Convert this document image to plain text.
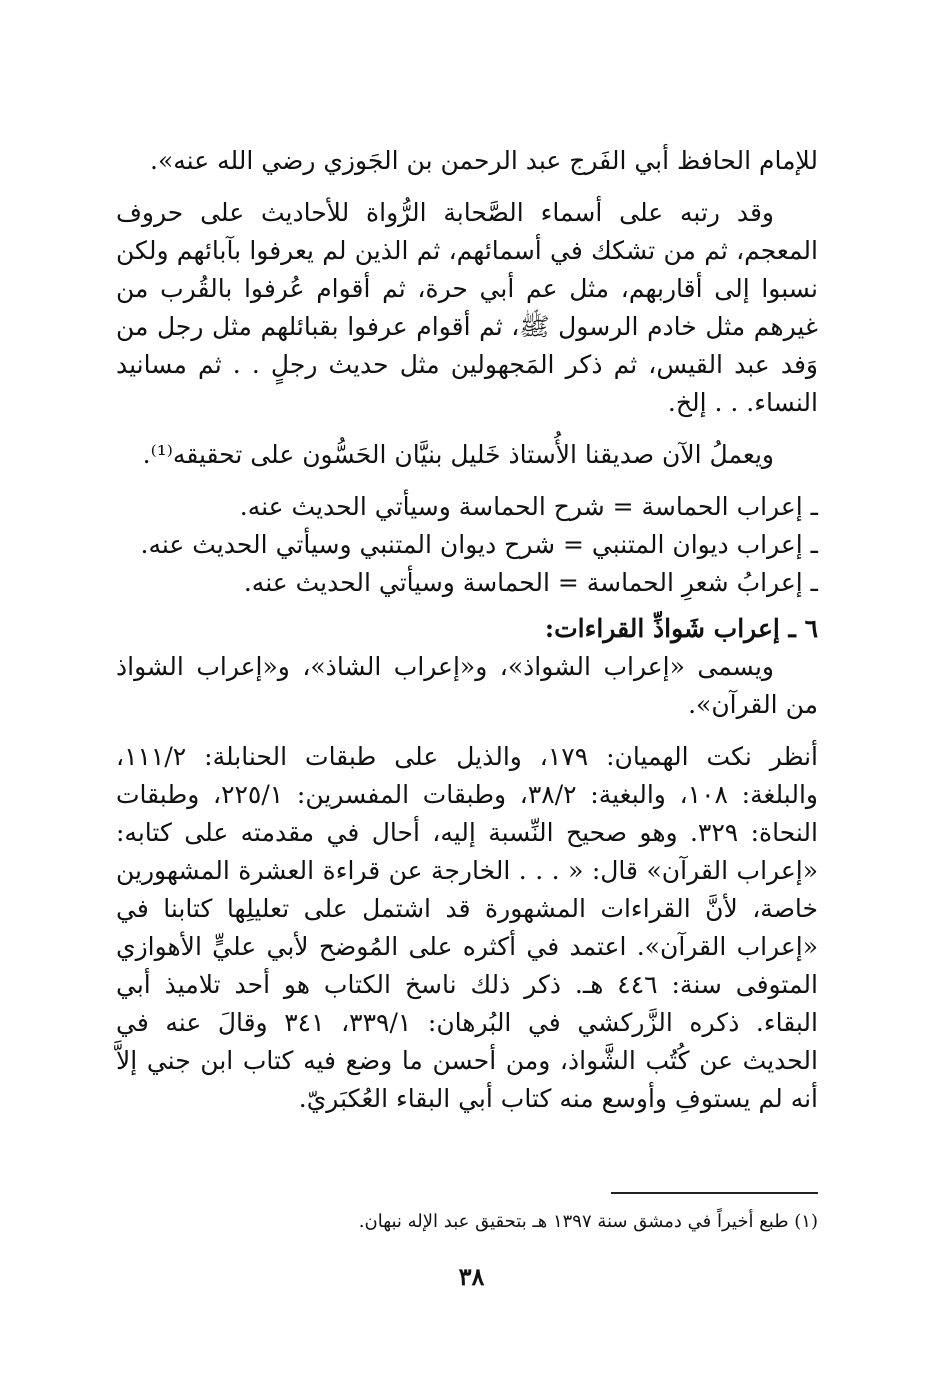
للإمام الحافظ أبي الفَرج عبد الرحمن بن الجَوزي رضي الله عنه».

وقد رتبه على أسماء الصَّحابة الرُّواة للأحاديث على حروف المعجم، ثم من تشكك في أسمائهم، ثم الذين لم يعرفوا بآبائهم ولكن نسبوا إلى أقاربهم، مثل عم أبي حرة، ثم أقوام عُرفوا بالقُرب من غيرهم مثل خادم الرسول ﷺ، ثم أقوام عرفوا بقبائلهم مثل رجل من وَفد عبد القيس، ثم ذكر المَجهولين مثل حديث رجلٍ . . ثم مسانيد النساء. . . إلخ.

ويعملُ الآن صديقنا الأُستاذ خَليل بنيَّان الحَسُّون على تحقيقه⁽¹⁾.

ـ إعراب الحماسة = شرح الحماسة وسيأتي الحديث عنه.

ـ إعراب ديوان المتنبي = شرح ديوان المتنبي وسيأتي الحديث عنه.

ـ إعرابُ شعرِ الحماسة = الحماسة وسيأتي الحديث عنه.

٦ ـ إعراب شَواذِّ القراءات:

ويسمى «إعراب الشواذ»، و«إعراب الشاذ»، و«إعراب الشواذ من القرآن».

أنظر نكت الهميان: ١٧٩، والذيل على طبقات الحنابلة: ١١١/٢، والبلغة: ١٠٨، والبغية: ٣٨/٢، وطبقات المفسرين: ٢٢٥/١، وطبقات النحاة: ٣٢٩. وهو صحيح النِّسبة إليه، أحال في مقدمته على كتابه: «إعراب القرآن» قال: « . . . الخارجة عن قراءة العشرة المشهورين خاصة، لأنَّ القراءات المشهورة قد اشتمل على تعليلِها كتابنا في «إعراب القرآن». اعتمد في أكثره على المُوضح لأبي عليٍّ الأهوازي المتوفى سنة: ٤٤٦ هـ. ذكر ذلك ناسخ الكتاب هو أحد تلاميذ أبي البقاء. ذكره الزَّركشي في البُرهان: ٣٣٩/١، ٣٤١ وقالَ عنه في الحديث عن كُتُب الشَّواذ، ومن أحسن ما وضع فيه كتاب ابن جني إلاَّ أنه لم يستوفِ وأوسع منه كتاب أبي البقاء العُكبَريّ.

(١) طبع أخيراً في دمشق سنة ١٣٩٧ هـ بتحقيق عبد الإله نبهان.

٣٨
